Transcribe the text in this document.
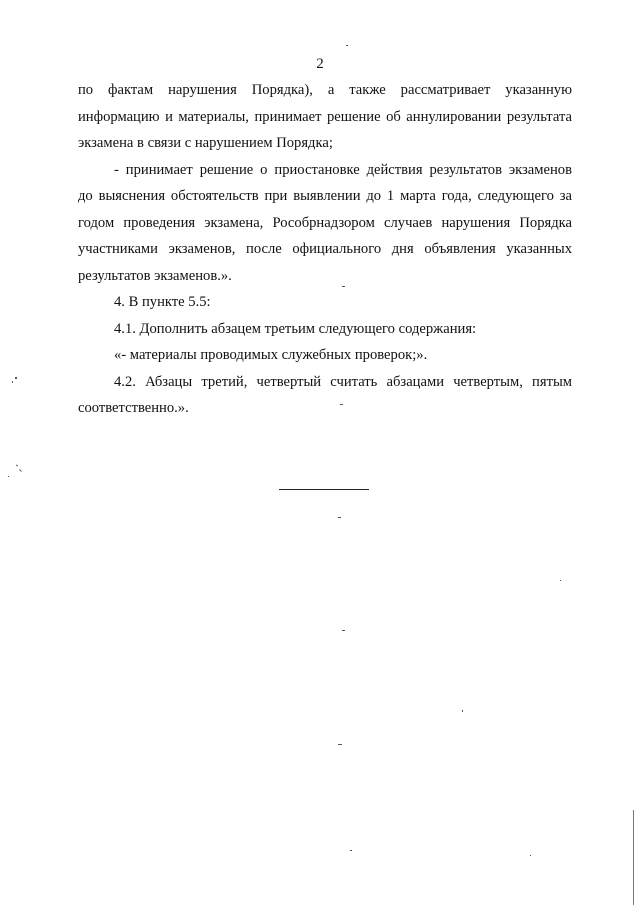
2

по фактам нарушения Порядка), а также рассматривает указанную
информацию и материалы, принимает решение об аннулировании результата
экзамена в связи с нарушением Порядка;

- принимает решение о приостановке действия результатов экзаменов
до выяснения обстоятельств при выявлении до 1 марта года, следующего за
годом проведения экзамена, Рособрнадзором случаев нарушения Порядка
участниками экзаменов, после официального дня объявления указанных
результатов экзаменов.».

4. В пункте 5.5:

4.1. Дополнить абзацем третьим следующего содержания:

«- материалы проводимых служебных проверок;».

4.2. Абзацы третий, четвертый считать абзацами четвертым, пятым
соответственно.».
